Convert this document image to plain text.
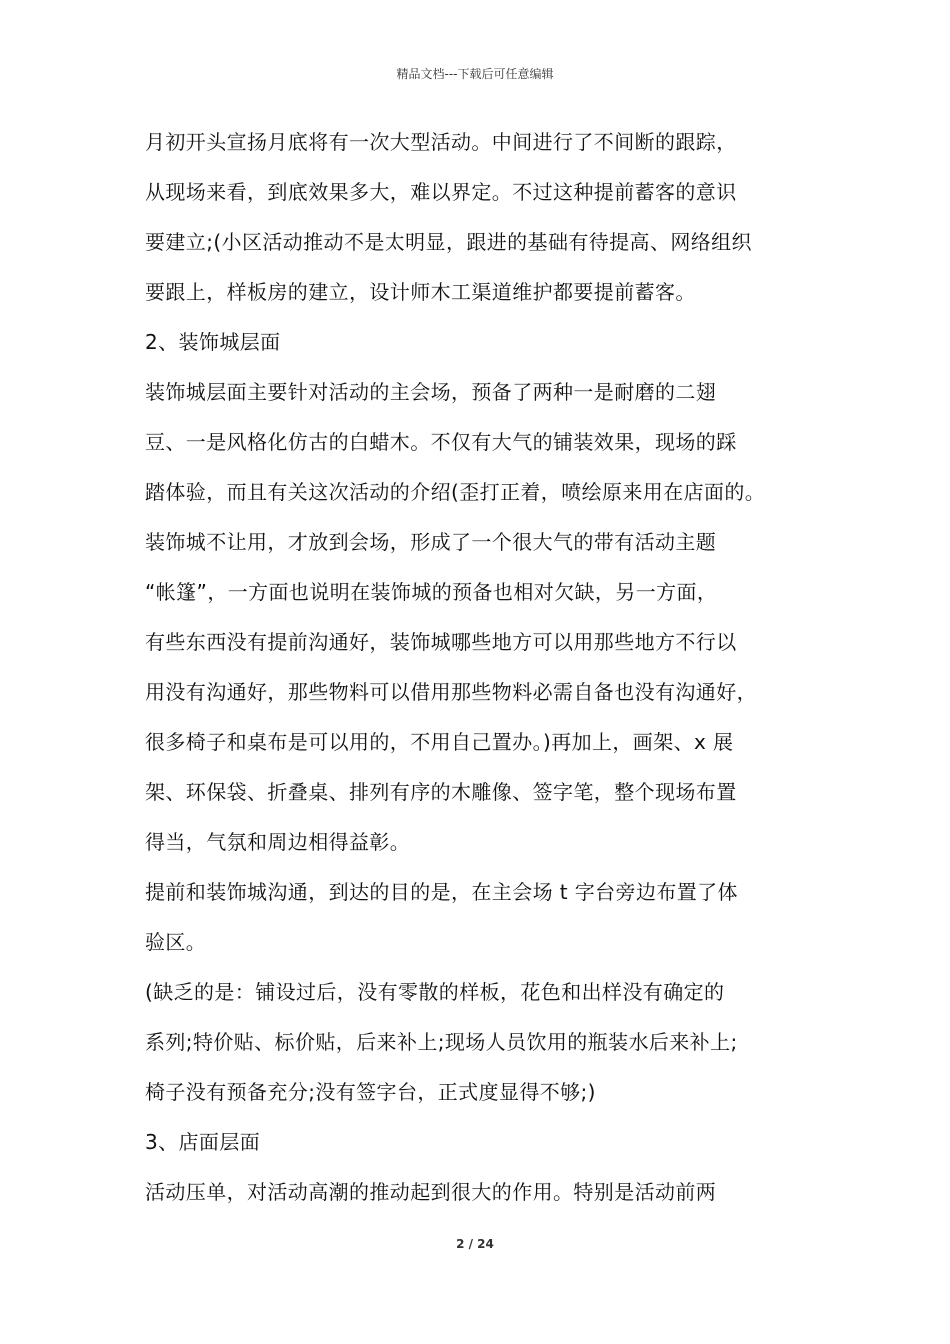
精品文档---下载后可任意编辑
月初开头宣扬月底将有一次大型活动。中间进行了不间断的跟踪，
从现场来看，到底效果多大，难以界定。不过这种提前蓄客的意识
要建立;(小区活动推动不是太明显，跟进的基础有待提高、网络组织
要跟上，样板房的建立，设计师木工渠道维护都要提前蓄客。
2、装饰城层面
装饰城层面主要针对活动的主会场，预备了两种一是耐磨的二翅
豆、一是风格化仿古的白蜡木。不仅有大气的铺装效果，现场的踩
踏体验，而且有关这次活动的介绍(歪打正着，喷绘原来用在店面的。
装饰城不让用，才放到会场，形成了一个很大气的带有活动主题
“帐篷”，一方面也说明在装饰城的预备也相对欠缺，另一方面，
有些东西没有提前沟通好，装饰城哪些地方可以用那些地方不行以
用没有沟通好，那些物料可以借用那些物料必需自备也没有沟通好，
很多椅子和桌布是可以用的，不用自己置办。)再加上，画架、x 展
架、环保袋、折叠桌、排列有序的木雕像、签字笔，整个现场布置
得当，气氛和周边相得益彰。
提前和装饰城沟通，到达的目的是，在主会场 t 字台旁边布置了体
验区。
(缺乏的是：铺设过后，没有零散的样板，花色和出样没有确定的
系列;特价贴、标价贴，后来补上;现场人员饮用的瓶装水后来补上;
椅子没有预备充分;没有签字台，正式度显得不够;)
3、店面层面
活动压单，对活动高潮的推动起到很大的作用。特别是活动前两
2 / 24
